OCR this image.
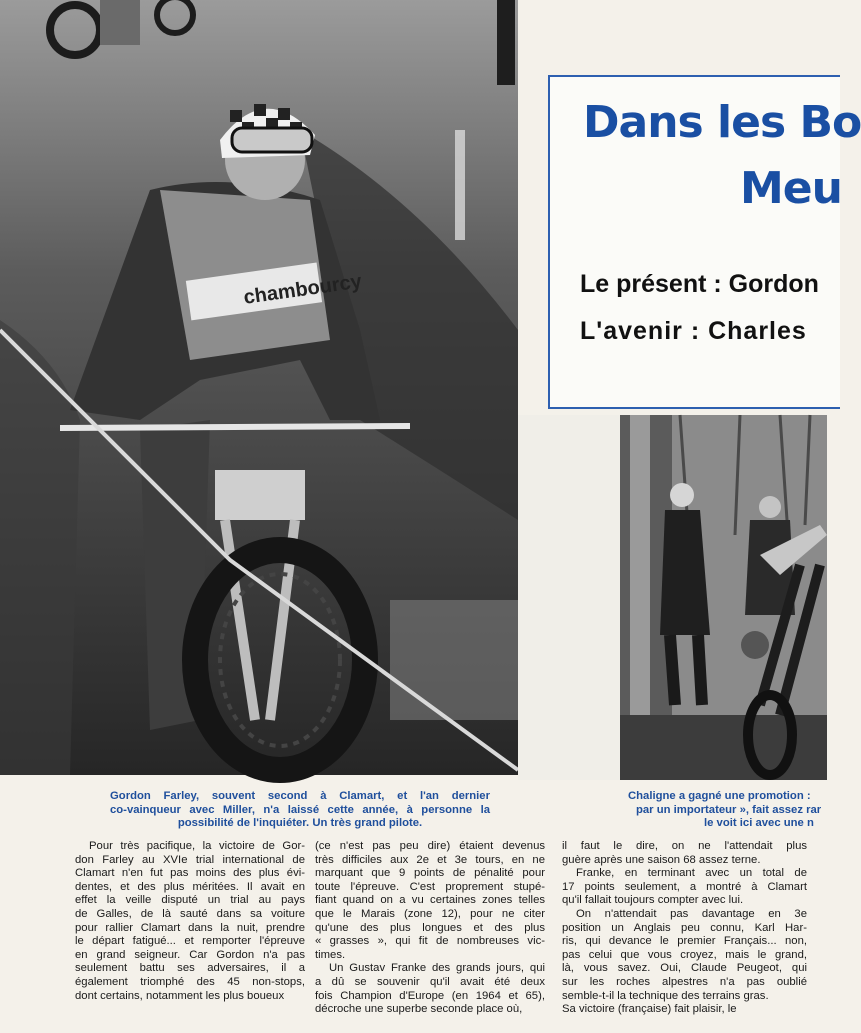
chambourcy
Dans les Bo
Meu
Le présent : Gordon
L'avenir : Charles
Gordon Farley, souvent second à Clamart, et l'an dernier
co-vainqueur avec Miller, n'a laissé cette année, à personne la
possibilité de l'inquiéter. Un très grand pilote.
Chaligne a gagné une promotion :
par un importateur », fait assez rar
le voit ici avec une n
Pour très pacifique, la victoire de Gor-
don Farley au XVIe trial international de
Clamart n'en fut pas moins des plus évi-
dentes, et des plus méritées. Il avait en
effet la veille disputé un trial au pays
de Galles, de là sauté dans sa voiture
pour rallier Clamart dans la nuit, prendre
le départ fatigué... et remporter l'épreuve
en grand seigneur. Car Gordon n'a pas
seulement battu ses adversaires, il a
également triomphé des 45 non-stops,
dont certains, notamment les plus boueux
(ce n'est pas peu dire) étaient devenus
très difficiles aux 2e et 3e tours, en ne
marquant que 9 points de pénalité pour
toute l'épreuve. C'est proprement stupé-
fiant quand on a vu certaines zones telles
que le Marais (zone 12), pour ne citer
qu'une des plus longues et des plus
« grasses », qui fit de nombreuses vic-
times.
Un Gustav Franke des grands jours, qui
a dû se souvenir qu'il avait été deux
fois Champion d'Europe (en 1964 et 65),
décroche une superbe seconde place où,
il faut le dire, on ne l'attendait plus
guère après une saison 68 assez terne.
Franke, en terminant avec un total de
17 points seulement, a montré à Clamart
qu'il fallait toujours compter avec lui.
On n'attendait pas davantage en 3e
position un Anglais peu connu, Karl Har-
ris, qui devance le premier Français... non,
pas celui que vous croyez, mais le grand,
là, vous savez. Oui, Claude Peugeot, qui
sur les roches alpestres n'a pas oublié
semble-t-il la technique des terrains gras.
Sa victoire (française) fait plaisir, le
